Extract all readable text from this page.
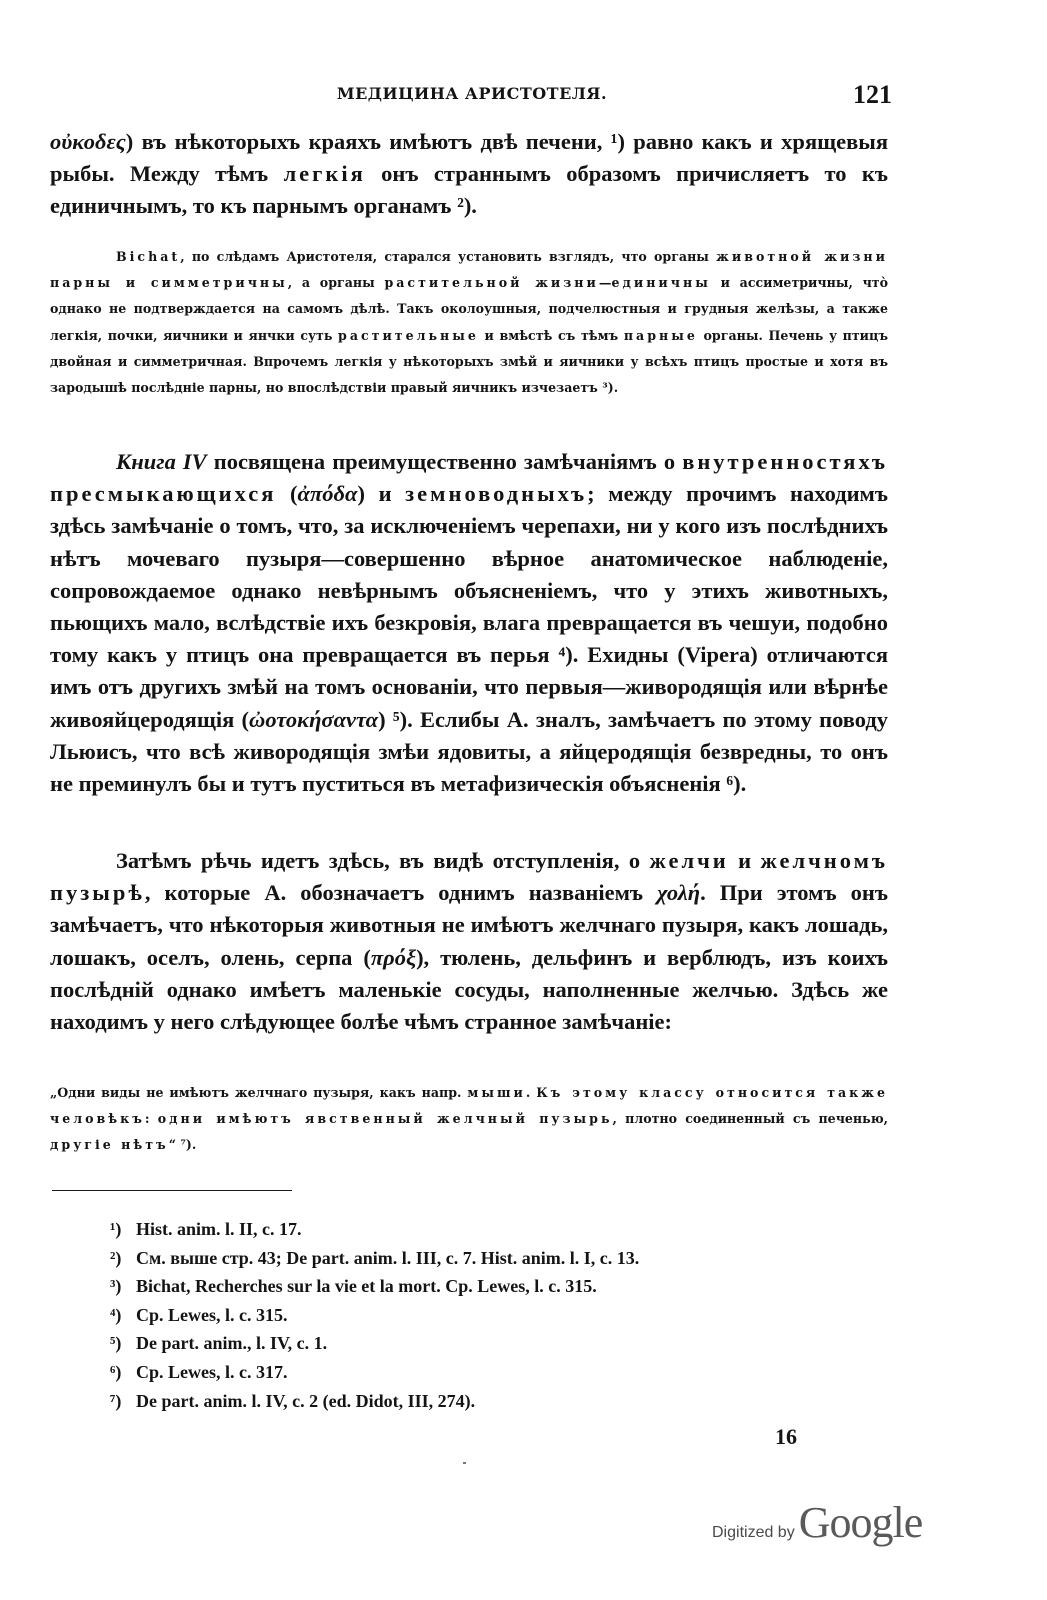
МЕДИЦИНА АРИСТОТЕЛЯ.	121

οὐκοδες) въ нѣкоторыхъ краяхъ имѣютъ двѣ печени, ¹) равно какъ и хрящевыя рыбы. Между тѣмъ легкія онъ страннымъ образомъ причисляетъ то къ единичнымъ, то къ парнымъ органамъ ²).

Bichat, по слѣдамъ Аристотеля, старался установить взглядъ, что органы животной жизни парны и симметричны, а органы растительной жизни—единичны и ассиметричны, что̀ однако не подтверждается на самомъ дѣлѣ. Такъ околоушныя, подчелюстныя и грудныя желѣзы, а также легкія, почки, яичники и янчки суть растительные и вмѣстѣ съ тѣмъ парные органы. Печень у птицъ двойная и симметричная. Впрочемъ легкія у нѣкоторыхъ змѣй и яичники у всѣхъ птицъ простые и хотя въ зародышѣ послѣдніе парны, но впослѣдствіи правый яичникъ изчезаетъ ³).

Книга IV посвящена преимущественно замѣчаніямъ о внутренностяхъ пресмыкающихся (ἀπόδα) и земноводныхъ; между прочимъ находимъ здѣсь замѣчаніе о томъ, что, за исключеніемъ черепахи, ни у кого изъ послѣднихъ нѣтъ мочеваго пузыря—совершенно вѣрное анатомическое наблюденіе, сопровождаемое однако невѣрнымъ объясненіемъ, что у этихъ животныхъ, пьющихъ мало, вслѣдствіе ихъ безкровія, влага превращается въ чешуи, подобно тому какъ у птицъ она превращается въ перья ⁴). Ехидны (Vipera) отличаются имъ отъ другихъ змѣй на томъ основаніи, что первыя—живородящія или вѣрнѣе живояйцеродящія (ὠοτοκήσαντα) ⁵). Еслибы А. зналъ, замѣчаетъ по этому поводу Льюисъ, что всѣ живородящія змѣи ядовиты, а яйцеродящія безвредны, то онъ не преминулъ бы и тутъ пуститься въ метафизическія объясненія ⁶).

Затѣмъ рѣчь идетъ здѣсь, въ видѣ отступленія, о желчи и желчномъ пузырѣ, которые А. обозначаетъ однимъ названіемъ χολή. При этомъ онъ замѣчаетъ, что нѣкоторыя животныя не имѣютъ желчнаго пузыря, какъ лошадь, лошакъ, оселъ, олень, серпа (πρόξ), тюлень, дельфинъ и верблюдъ, изъ коихъ послѣдній однако имѣетъ маленькіе сосуды, наполненные желчью. Здѣсь же находимъ у него слѣдующее болѣе чѣмъ странное замѣчаніе:

„Одни виды не имѣютъ желчнаго пузыря, какъ напр. мыши. Къ этому классу относится также человѣкъ: одни имѣютъ явственный желчный пузырь, плотно соединенный съ печенью, другіе нѣтъ“ ⁷).

¹) Hist. anim. l. II, c. 17.
²) См. выше стр. 43; De part. anim. l. III, c. 7. Hist. anim. l. I, c. 13.
³) Bichat, Recherches sur la vie et la mort. Cp. Lewes, l. c. 315.
⁴) Cp. Lewes, l. c. 315.
⁵) De part. anim., l. IV, c. 1.
⁶) Cp. Lewes, l. c. 317.
⁷) De part. anim. l. IV, c. 2 (ed. Didot, III, 274).
16
Digitized byGoogle
